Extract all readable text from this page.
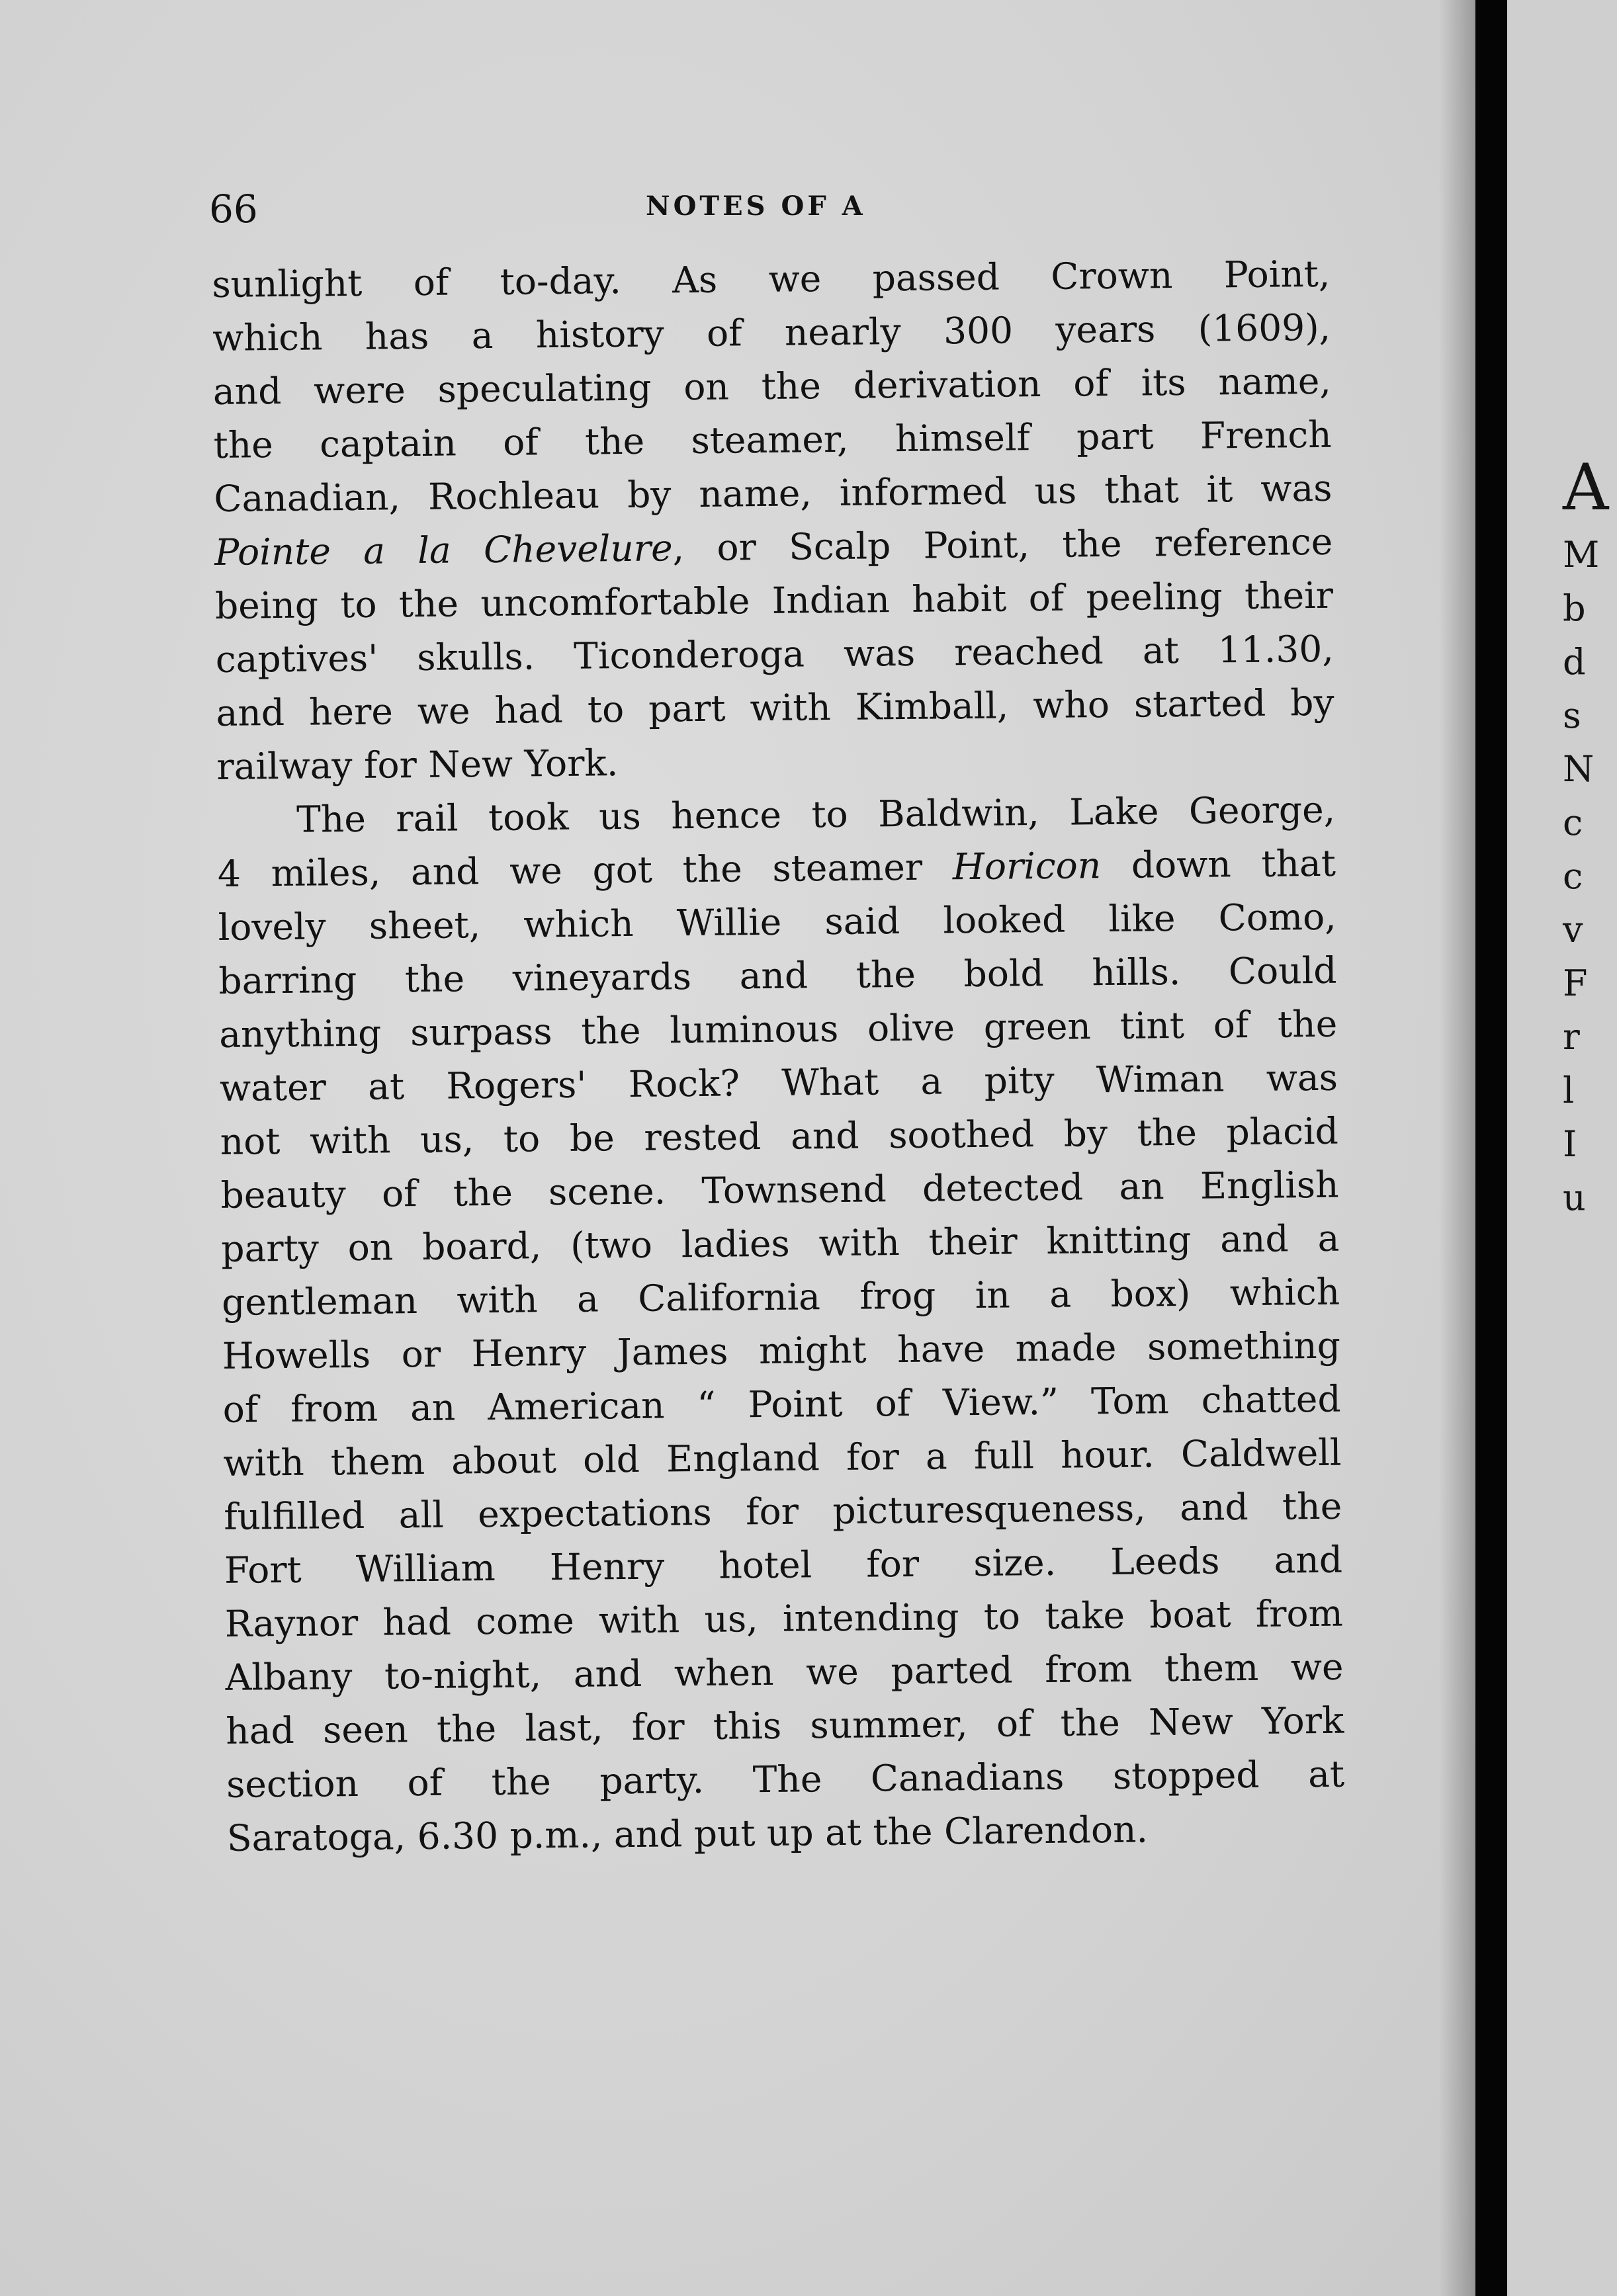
66	NOTES OF A
sunlight of to-day. As we passed Crown Point,
which has a history of nearly 300 years (1609),
and were speculating on the derivation of its name,
the captain of the steamer, himself part French
Canadian, Rochleau by name, informed us that it was
Pointe a la Chevelure, or Scalp Point, the reference
being to the uncomfortable Indian habit of peeling their
captives' skulls. Ticonderoga was reached at 11.30,
and here we had to part with Kimball, who started by
railway for New York.
The rail took us hence to Baldwin, Lake George,
4 miles, and we got the steamer Horicon down that
lovely sheet, which Willie said looked like Como,
barring the vineyards and the bold hills. Could
anything surpass the luminous olive green tint of the
water at Rogers' Rock? What a pity Wiman was
not with us, to be rested and soothed by the placid
beauty of the scene. Townsend detected an English
party on board, (two ladies with their knitting and a
gentleman with a California frog in a box) which
Howells or Henry James might have made something
of from an American “ Point of View.” Tom chatted
with them about old England for a full hour. Caldwell
fulfilled all expectations for picturesqueness, and the
Fort William Henry hotel for size. Leeds and
Raynor had come with us, intending to take boat from
Albany to-night, and when we parted from them we
had seen the last, for this summer, of the New York
section of the party. The Canadians stopped at
Saratoga, 6.30 p.m., and put up at the Clarendon.

A
M
b
d
s
N
c
c
v
F
r
l
I
u
